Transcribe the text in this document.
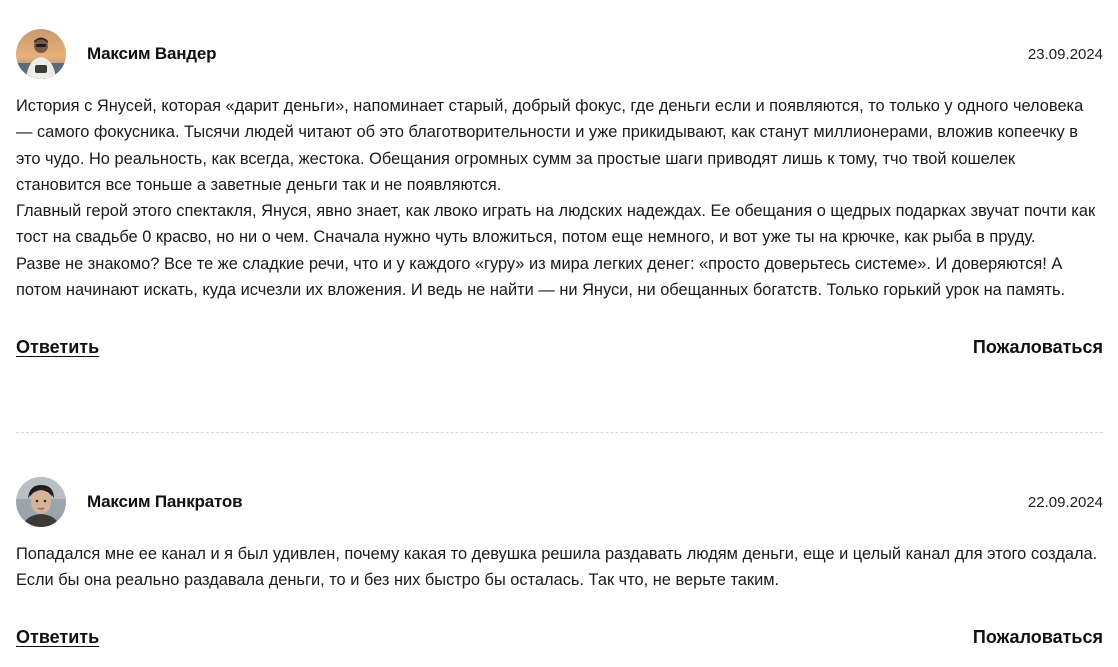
Максим Вандер	23.09.2024

История с Янусей, которая «дарит деньги», напоминает старый, добрый фокус, где деньги если и появляются, то только у одного человека — самого фокусника. Тысячи людей читают об это благотворительности и уже прикидывают, как станут миллионерами, вложив копеечку в это чудо. Но реальность, как всегда, жестока. Обещания огромных сумм за простые шаги приводят лишь к тому, тчо твой кошелек становится все тоньше а заветные деньги так и не появляются.

Главный герой этого спектакля, Януся, явно знает, как лвоко играть на людских надеждах. Ее обещания о щедрых подарках звучат почти как тост на свадьбе 0 красво, но ни о чем. Сначала нужно чуть вложиться, потом еще немного, и вот уже ты на крючке, как рыба в пруду.

Разве не знакомо? Все те же сладкие речи, что и у каждого «гуру» из мира легких денег: «просто доверьтесь системе». И доверяются! А потом начинают искать, куда исчезли их вложения. И ведь не найти — ни Януси, ни обещанных богатств. Только горький урок на память.

Ответить	Пожаловаться
Максим Панкратов	22.09.2024

Попадался мне ее канал и я был удивлен, почему какая то девушка решила раздавать людям деньги, еще и целый канал для этого создала. Если бы она реально раздавала деньги, то и без них быстро бы осталась. Так что, не верьте таким.

Ответить	Пожаловаться
